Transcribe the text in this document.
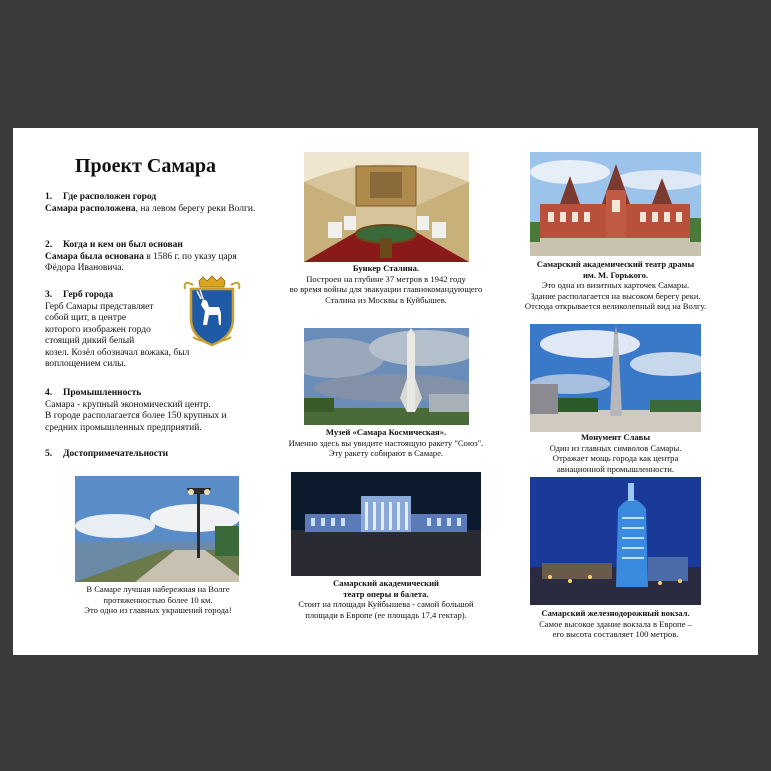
Проект Самара
1. Где расположен город
Самара расположена, на левом берегу реки Волги.
2. Когда и кем он был основан
Самара была основана в 1586 г. по указу царя Фёдора Ивановича.
3. Герб города
Герб Самары представляет
собой щит, в центре
которого изображен гордо
стоящий дикий белый
козел. Козёл обозначал вожака, был
воплощением силы.
4. Промышленность
Самара - крупный экономический центр.
В городе располагается более 150 крупных и
средних промышленных предприятий.
5. Достопримечательности
Бункер Сталина.
Построен на глубине 37 метров в 1942 году
во время войны для эвакуации главнокомандующего
Сталина из Москвы в Куйбышев.
Самарский академический театр драмы
им. М. Горького.
Это одна из визитных карточек Самары.
Здание располагается на высоком берегу реки.
Отсюда открывается великолепный вид на Волгу.
Музей «Самара Космическая».
Именно здесь вы увидите настоящую ракету "Союз".
Эту ракету собирают в Самаре.
Монумент Славы
Один из главных символов Самары.
Отражает мощь города как центра
авиационной промышленности.
В Самаре лучшая набережная на Волге
протяженностью более 10 км.
Это одно из главных украшений города!
Самарский академический
театр оперы и балета.
Стоит на площади Куйбышева - самой большой
площади в Европе (ее площадь 17,4 гектар).	Самарский железнодорожный вокзал.
Самое высокое здание вокзала в Европе –
его высота составляет 100 метров.
